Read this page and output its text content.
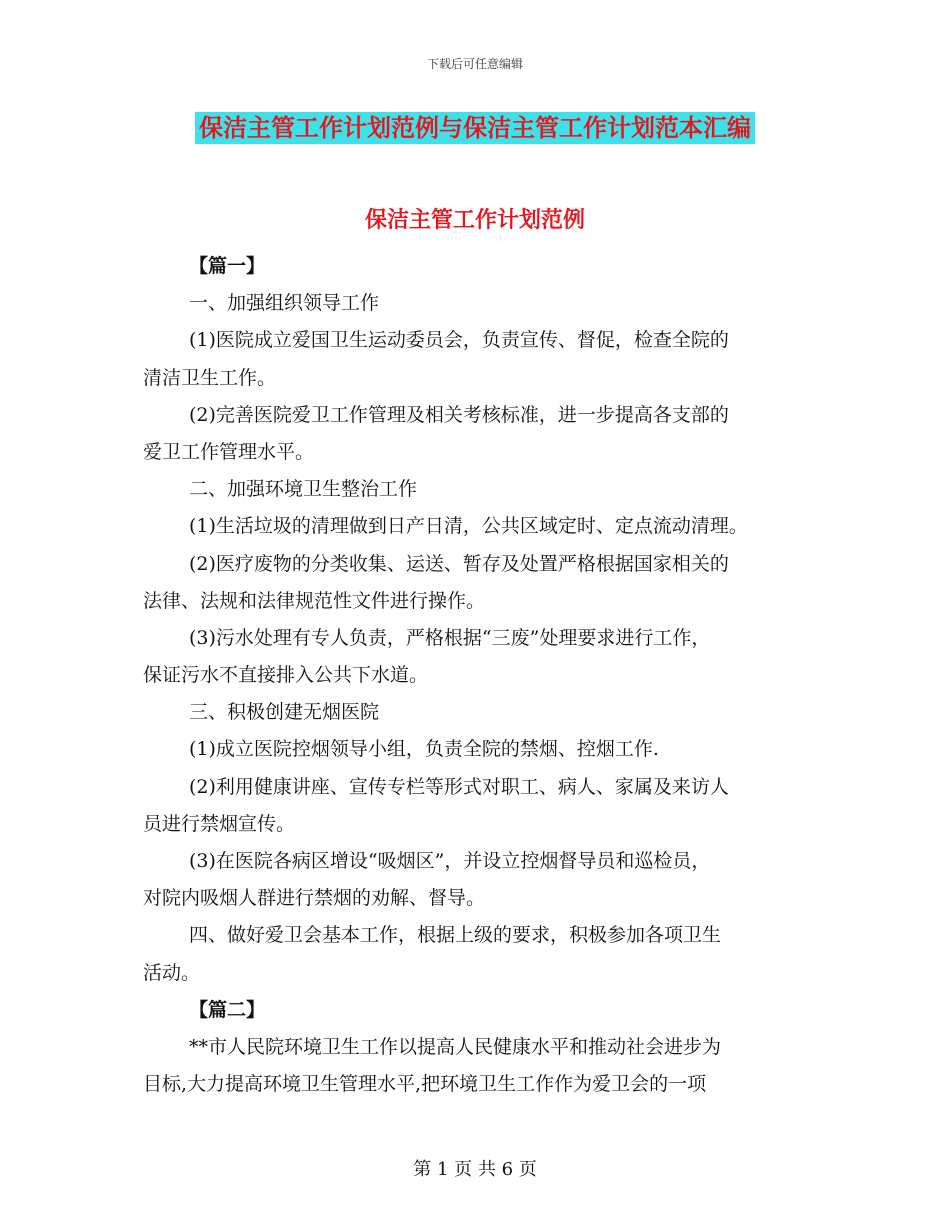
下载后可任意编辑
保洁主管工作计划范例与保洁主管工作计划范本汇编
保洁主管工作计划范例
【篇一】
一、加强组织领导工作
(1)医院成立爱国卫生运动委员会，负责宣传、督促，检查全院的
清洁卫生工作。
(2)完善医院爱卫工作管理及相关考核标准，进一步提高各支部的
爱卫工作管理水平。
二、加强环境卫生整治工作
(1)生活垃圾的清理做到日产日清，公共区域定时、定点流动清理。
(2)医疗废物的分类收集、运送、暂存及处置严格根据国家相关的
法律、法规和法律规范性文件进行操作。
(3)污水处理有专人负责，严格根据“三废”处理要求进行工作，
保证污水不直接排入公共下水道。
三、积极创建无烟医院
(1)成立医院控烟领导小组，负责全院的禁烟、控烟工作.
(2)利用健康讲座、宣传专栏等形式对职工、病人、家属及来访人
员进行禁烟宣传。
(3)在医院各病区增设“吸烟区”，并设立控烟督导员和巡检员，
对院内吸烟人群进行禁烟的劝解、督导。
四、做好爱卫会基本工作，根据上级的要求，积极参加各项卫生
活动。
【篇二】
**市人民院环境卫生工作以提高人民健康水平和推动社会进步为
目标,大力提高环境卫生管理水平,把环境卫生工作作为爱卫会的一项
第 1 页 共 6 页
